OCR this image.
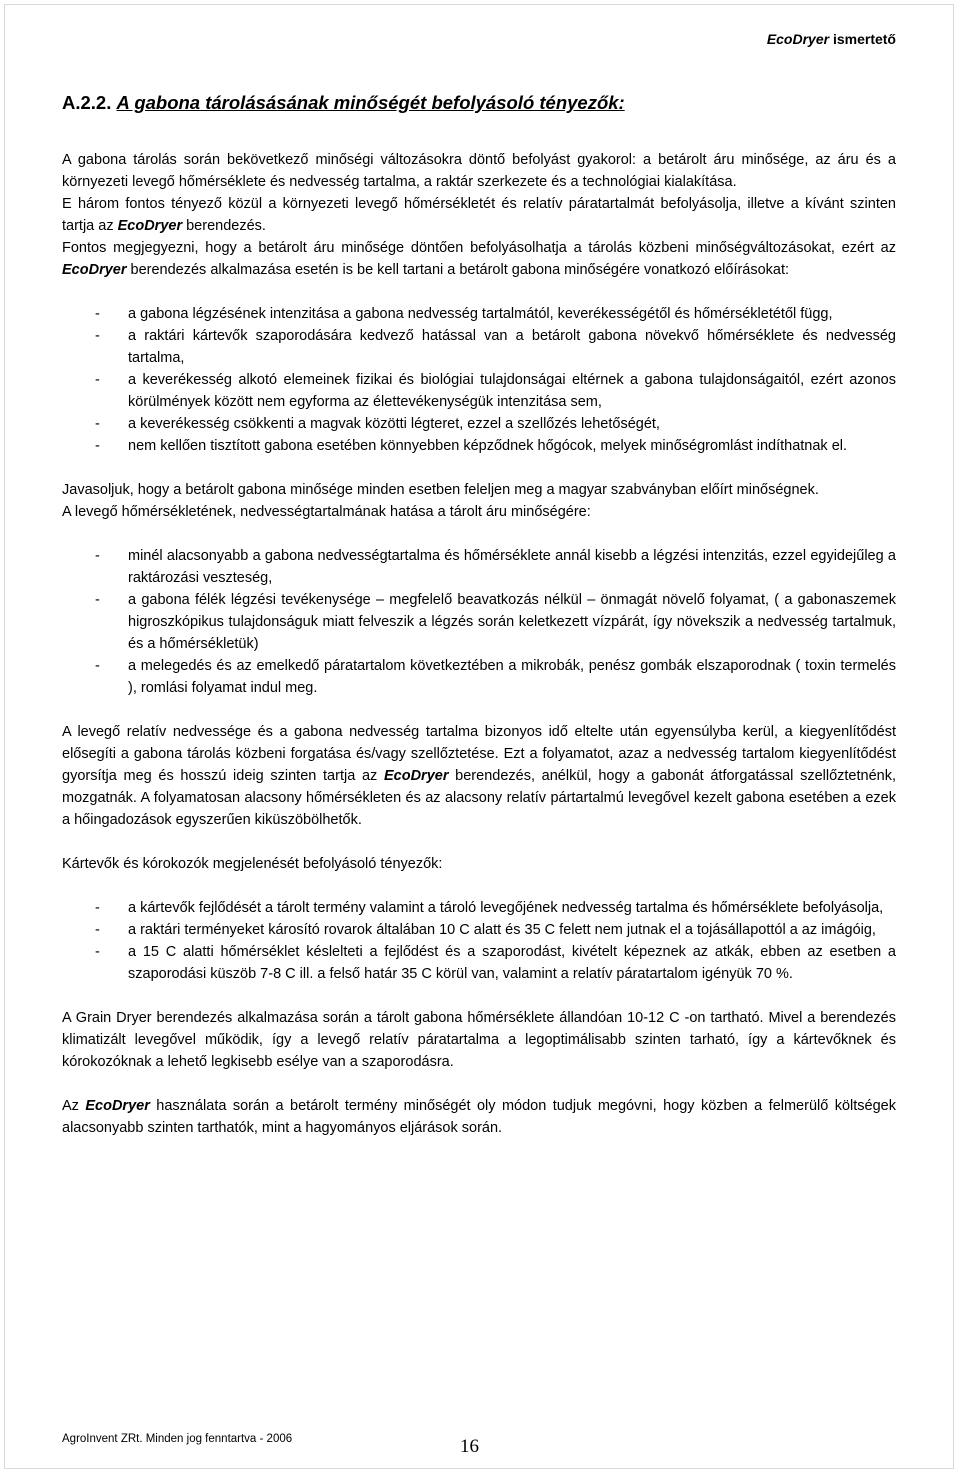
EcoDryer ismertető
A.2.2. A gabona tárolásásának minőségét befolyásoló tényezők:

A gabona tárolás során bekövetkező minőségi változásokra döntő befolyást gyakorol: a betárolt áru minősége, az áru és a környezeti levegő hőmérséklete és nedvesség tartalma, a raktár szerkezete és a technológiai kialakítása.

E három fontos tényező közül a környezeti levegő hőmérsékletét és relatív páratartalmát befolyásolja, illetve a kívánt szinten tartja az EcoDryer berendezés.

Fontos megjegyezni, hogy a betárolt áru minősége döntően befolyásolhatja a tárolás közbeni minőségváltozásokat, ezért az EcoDryer berendezés alkalmazása esetén is be kell tartani a betárolt gabona minőségére vonatkozó előírásokat:

- a gabona légzésének intenzitása a gabona nedvesség tartalmától, keverékességétől és hőmérsékletétől függ,
- a raktári kártevők szaporodására kedvező hatással van a betárolt gabona növekvő hőmérséklete és nedvesség tartalma,
- a keverékesség alkotó elemeinek fizikai és biológiai tulajdonságai eltérnek a gabona tulajdonságaitól, ezért azonos körülmények között nem egyforma az élettevékenységük intenzitása sem,
- a keverékesség csökkenti a magvak közötti légteret, ezzel a szellőzés lehetőségét,
- nem kellően tisztított gabona esetében könnyebben képződnek hőgócok, melyek minőségromlást indíthatnak el.

Javasoljuk, hogy a betárolt gabona minősége minden esetben feleljen meg a magyar szabványban előírt minőségnek.

A levegő hőmérsékletének, nedvességtartalmának hatása a tárolt áru minőségére:

- minél alacsonyabb a gabona nedvességtartalma és hőmérséklete annál kisebb a légzési intenzitás, ezzel egyidejűleg a raktározási veszteség,
- a gabona félék légzési tevékenysége – megfelelő beavatkozás nélkül – önmagát növelő folyamat, ( a gabonaszemek higroszkópikus tulajdonságuk miatt felveszik a légzés során keletkezett vízpárát, így növekszik a nedvesség tartalmuk, és a hőmérsékletük)
- a melegedés és az emelkedő páratartalom következtében a mikrobák, penész gombák elszaporodnak ( toxin termelés ), romlási folyamat indul meg.

A levegő relatív nedvessége és a gabona nedvesség tartalma bizonyos idő eltelte után egyensúlyba kerül, a kiegyenlítődést elősegíti a gabona tárolás közbeni forgatása és/vagy szellőztetése. Ezt a folyamatot, azaz a nedvesség tartalom kiegyenlítődést gyorsítja meg és hosszú ideig szinten tartja az EcoDryer berendezés, anélkül, hogy a gabonát átforgatással szellőztetnénk, mozgatnák. A folyamatosan alacsony hőmérsékleten és az alacsony relatív pártartalmú levegővel kezelt gabona esetében a ezek a hőingadozások egyszerűen kiküszöbölhetők.

Kártevők és kórokozók megjelenését befolyásoló tényezők:

- a kártevők fejlődését a tárolt termény valamint a tároló levegőjének nedvesség tartalma és hőmérséklete befolyásolja,
- a raktári terményeket károsító rovarok általában 10 C alatt és 35 C felett nem jutnak el a tojásállapottól a az imágóig,
- a 15 C alatti hőmérséklet késlelteti a fejlődést és a szaporodást, kivételt képeznek az atkák, ebben az esetben a szaporodási küszöb 7-8 C ill. a felső határ 35 C körül van, valamint a relatív páratartalom igényük 70 %.

A Grain Dryer berendezés alkalmazása során a tárolt gabona hőmérséklete állandóan 10-12 C -on tartható. Mivel a berendezés klimatizált levegővel működik, így a levegő relatív páratartalma a legoptimálisabb szinten tarható, így a kártevőknek és kórokozóknak a lehető legkisebb esélye van a szaporodásra.

Az EcoDryer használata során a betárolt termény minőségét oly módon tudjuk megóvni, hogy közben a felmerülő költségek alacsonyabb szinten tarthatók, mint a hagyományos eljárások során.

AgroInvent ZRt. Minden jog fenntartva - 2006	16
